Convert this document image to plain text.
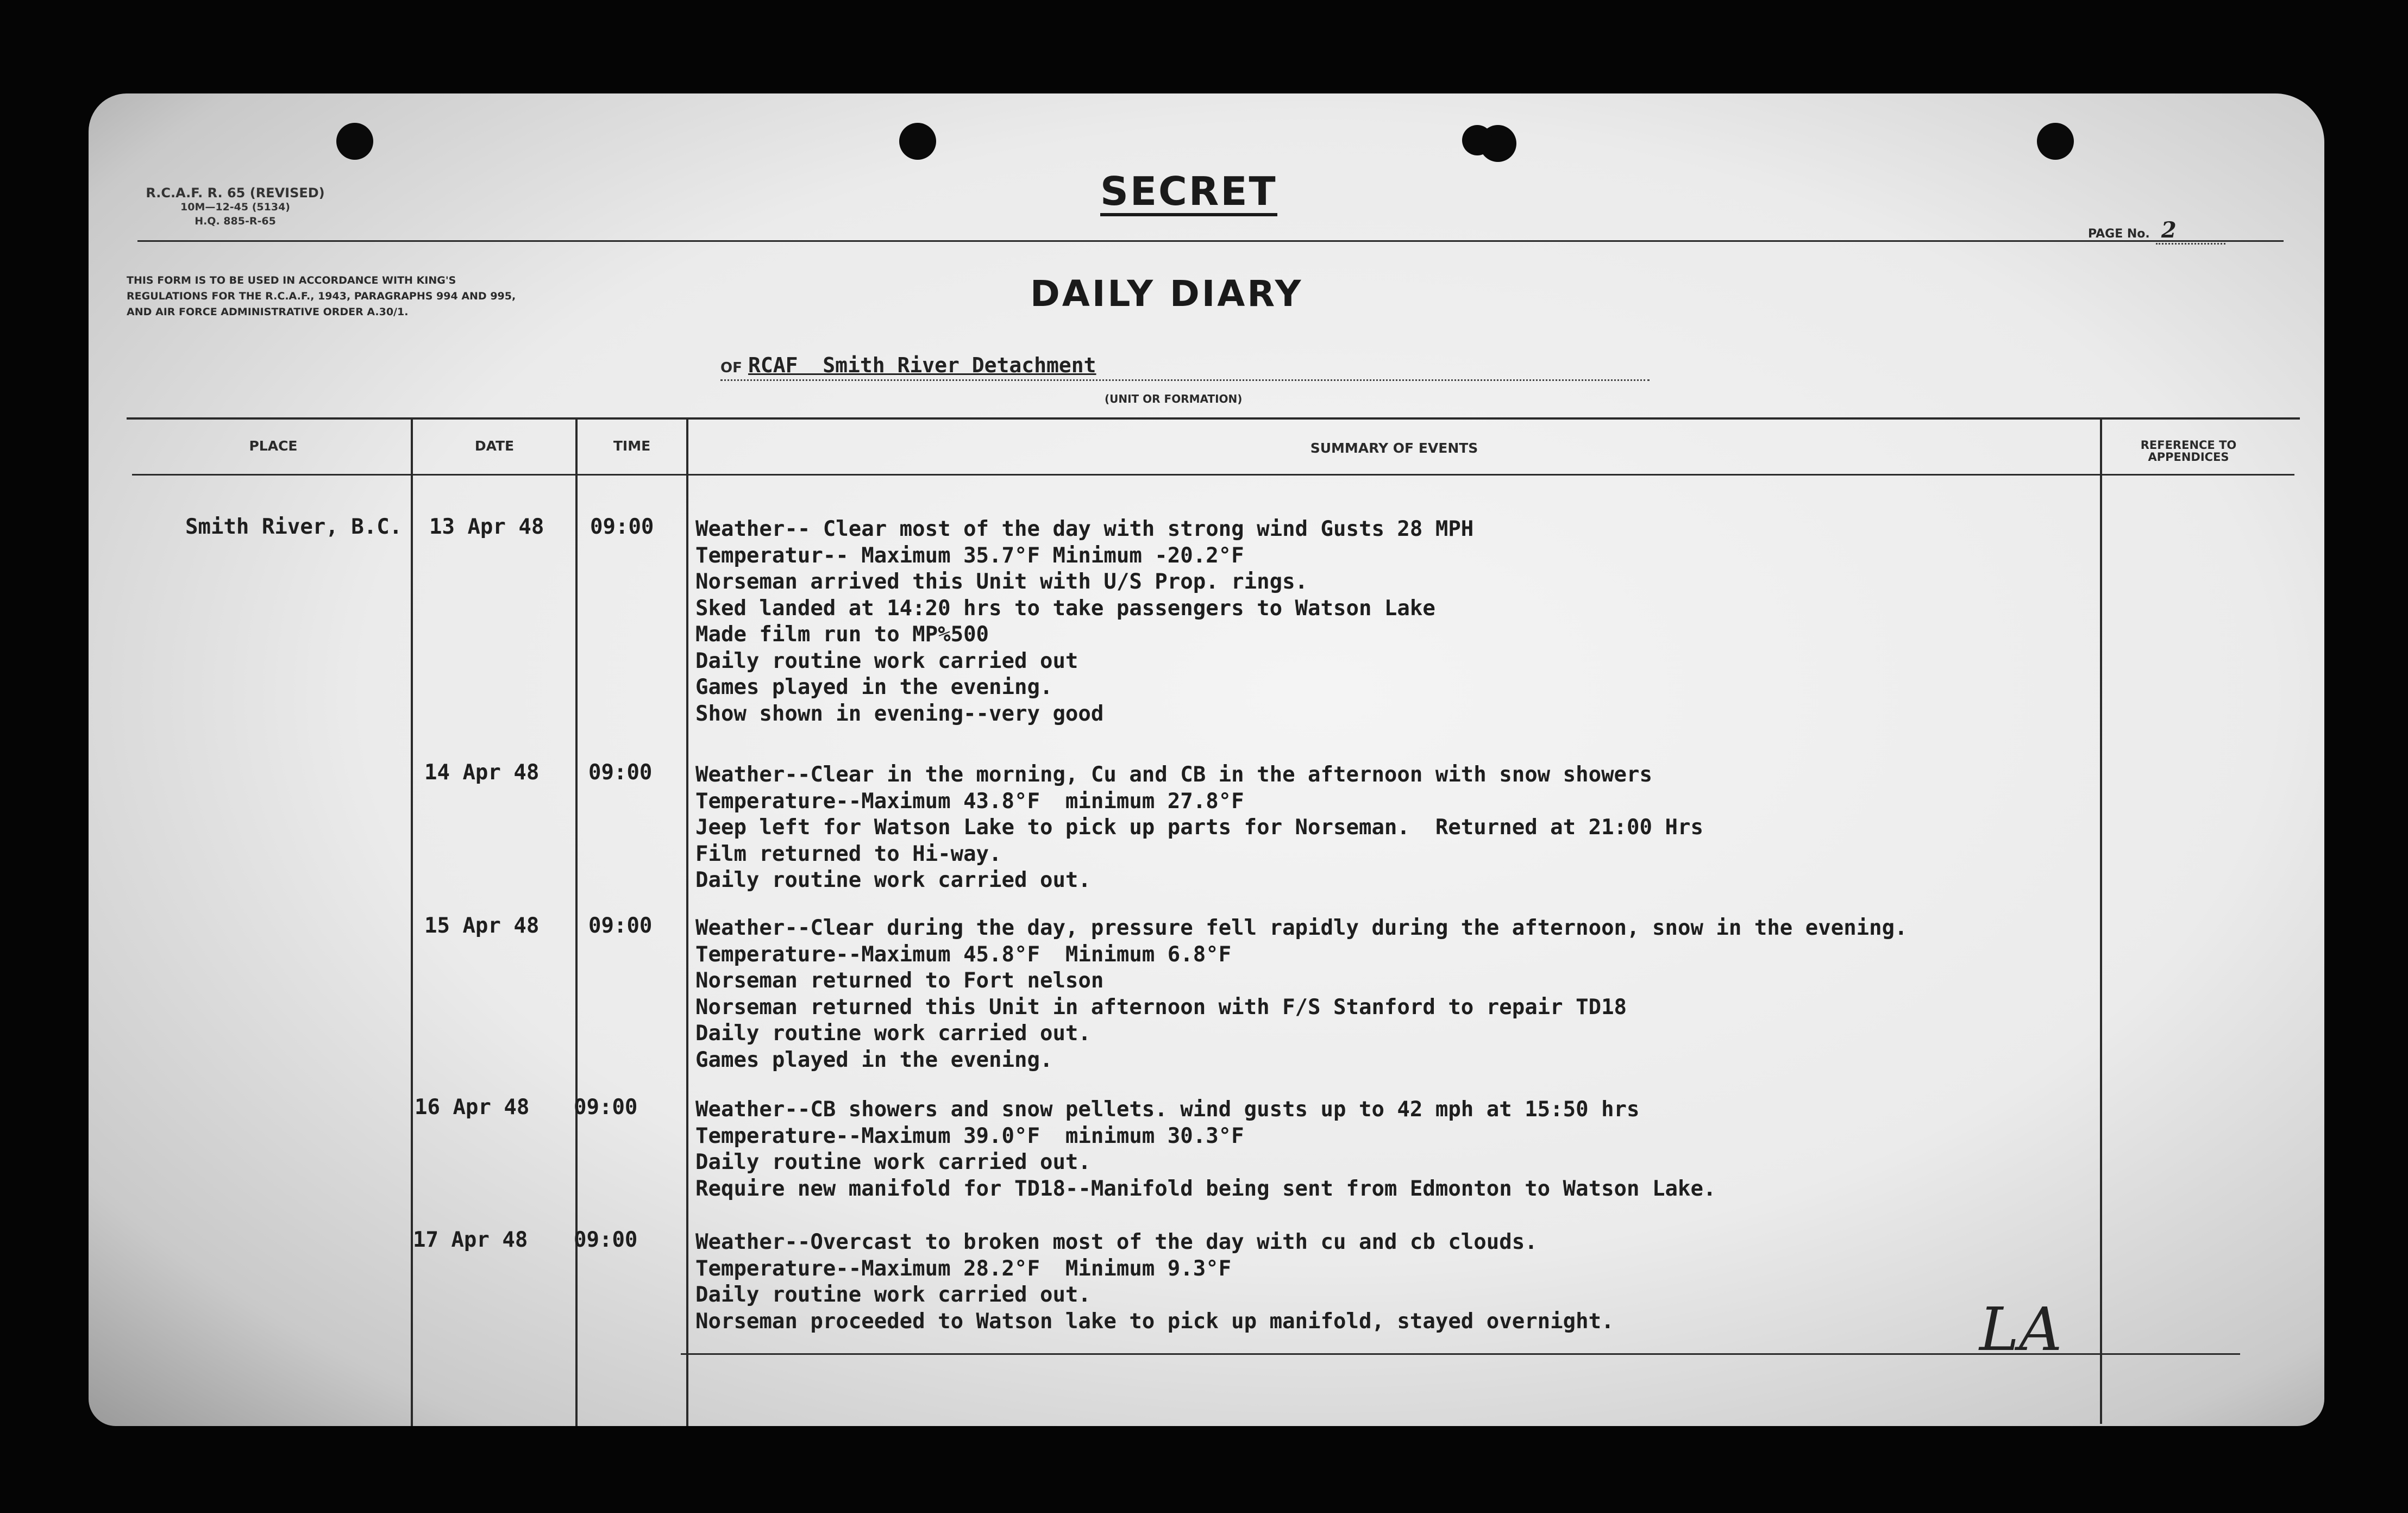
R.C.A.F. R. 65 (REVISED)
10M—12-45 (5134)
H.Q. 885-R-65
SECRET
PAGE No. 2
THIS FORM IS TO BE USED IN ACCORDANCE WITH KING'S REGULATIONS FOR THE R.C.A.F., 1943, PARAGRAPHS 994 AND 995, AND AIR FORCE ADMINISTRATIVE ORDER A.30/1.	DAILY DIARY
OF RCAF  Smith River Detachment
(UNIT OR FORMATION)
PLACE	DATE	TIME	SUMMARY OF EVENTS	REFERENCE TO APPENDICES
Smith River, B.C. 13 Apr 48 09:00 Weather-- Clear most of the day with strong wind Gusts 28 MPH
Temperatur-- Maximum 35.7°F Minimum -20.2°F
Norseman arrived this Unit with U/S Prop. rings.
Sked landed at 14:20 hrs to take passengers to Watson Lake
Made film run to MP%500
Daily routine work carried out
Games played in the evening.
Show shown in evening--very good
14 Apr 48 09:00 Weather--Clear in the morning, Cu and CB in the afternoon with snow showers
Temperature--Maximum 43.8°F  minimum 27.8°F
Jeep left for Watson Lake to pick up parts for Norseman.  Returned at 21:00 Hrs
Film returned to Hi-way.
Daily routine work carried out.
15 Apr 48 09:00 Weather--Clear during the day, pressure fell rapidly during the afternoon, snow in the evening.
Temperature--Maximum 45.8°F  Minimum 6.8°F
Norseman returned to Fort nelson
Norseman returned this Unit in afternoon with F/S Stanford to repair TD18
Daily routine work carried out.
Games played in the evening.
16 Apr 48 09:00	Weather--CB showers and snow pellets. wind gusts up to 42 mph at 15:50 hrs
Temperature--Maximum 39.0°F  minimum 30.3°F
Daily routine work carried out.
Require new manifold for TD18--Manifold being sent from Edmonton to Watson Lake.
17 Apr 48 09:00	Weather--Overcast to broken most of the day with cu and cb clouds.
Temperature--Maximum 28.2°F  Minimum 9.3°F
Daily routine work carried out.
Norseman proceeded to Watson lake to pick up manifold, stayed overnight.	LA
